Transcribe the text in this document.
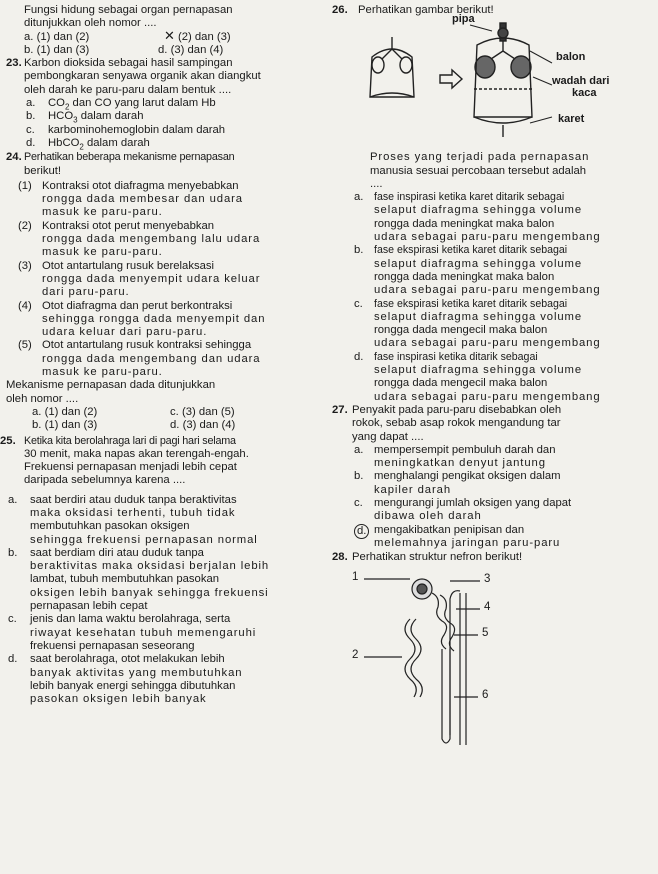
Fungsi hidung sebagai organ pernapasan
ditunjukkan oleh nomor ....
a. (1) dan (2)	✕ (2) dan (3)
b. (1) dan (3)	d. (3) dan (4)
23. Karbon dioksida sebagai hasil sampingan
pembongkaran senyawa organik akan diangkut
oleh darah ke paru-paru dalam bentuk ....
a. $CO_2$ dan CO yang larut dalam Hb
b. $HCO_3$ dalam darah
c. karbominohemoglobin dalam darah
d. HbCO$_2$ dalam darah
24. Perhatikan beberapa mekanisme pernapasan
berikut!
(1) Kontraksi otot diafragma menyebabkan
rongga dada membesar dan udara
masuk ke paru-paru.
(2) Kontraksi otot perut menyebabkan
rongga dada mengembang lalu udara
masuk ke paru-paru.
(3) Otot antartulang rusuk berelaksasi
rongga dada menyempit udara keluar
dari paru-paru.
(4) Otot diafragma dan perut berkontraksi
sehingga rongga dada menyempit dan
udara keluar dari paru-paru.
(5) Otot antartulang rusuk kontraksi sehingga
rongga dada mengembang dan udara
masuk ke paru-paru.
Mekanisme pernapasan dada ditunjukkan
oleh nomor ....
a. (1) dan (2)	c. (3) dan (5)
b. (1) dan (3)	d. (3) dan (4)
25. Ketika kita berolahraga lari di pagi hari selama
30 menit, maka napas akan terengah-engah.
Frekuensi pernapasan menjadi lebih cepat
daripada sebelumnya karena ....
a. saat berdiri atau duduk tanpa beraktivitas
maka oksidasi terhenti, tubuh tidak
membutuhkan pasokan oksigen
sehingga frekuensi pernapasan normal
b. saat berdiam diri atau duduk tanpa
beraktivitas maka oksidasi berjalan lebih
lambat, tubuh membutuhkan pasokan
oksigen lebih banyak sehingga frekuensi
pernapasan lebih cepat
c. jenis dan lama waktu berolahraga, serta
riwayat kesehatan tubuh memengaruhi
frekuensi pernapasan seseorang
d. saat berolahraga, otot melakukan lebih
banyak aktivitas yang membutuhkan
lebih banyak energi sehingga dibutuhkan
pasokan oksigen lebih banyak
26. Perhatikan gambar berikut!
pipa
balon
wadah dari
kaca
karet
Proses yang terjadi pada pernapasan
manusia sesuai percobaan tersebut adalah
....
a. fase inspirasi ketika karet ditarik sebagai
selaput diafragma sehingga volume
rongga dada meningkat maka balon
udara sebagai paru-paru mengembang
b. fase ekspirasi ketika karet ditarik sebagai
selaput diafragma sehingga volume
rongga dada meningkat maka balon
udara sebagai paru-paru mengembang
c. fase ekspirasi ketika karet ditarik sebagai
selaput diafragma sehingga volume
rongga dada mengecil maka balon
udara sebagai paru-paru mengembang
d. fase inspirasi ketika ditarik sebagai
selaput diafragma sehingga volume
rongga dada mengecil maka balon
udara sebagai paru-paru mengembang
27. Penyakit pada paru-paru disebabkan oleh
rokok, sebab asap rokok mengandung tar
yang dapat ....
a. mempersempit pembuluh darah dan
meningkatkan denyut jantung
b. menghalangi pengikat oksigen dalam
kapiler darah
c. mengurangi jumlah oksigen yang dapat
dibawa oleh darah
d. mengakibatkan penipisan dan
melemahnya jaringan paru-paru
28. Perhatikan struktur nefron berikut!
1
2
3
4
5
6
